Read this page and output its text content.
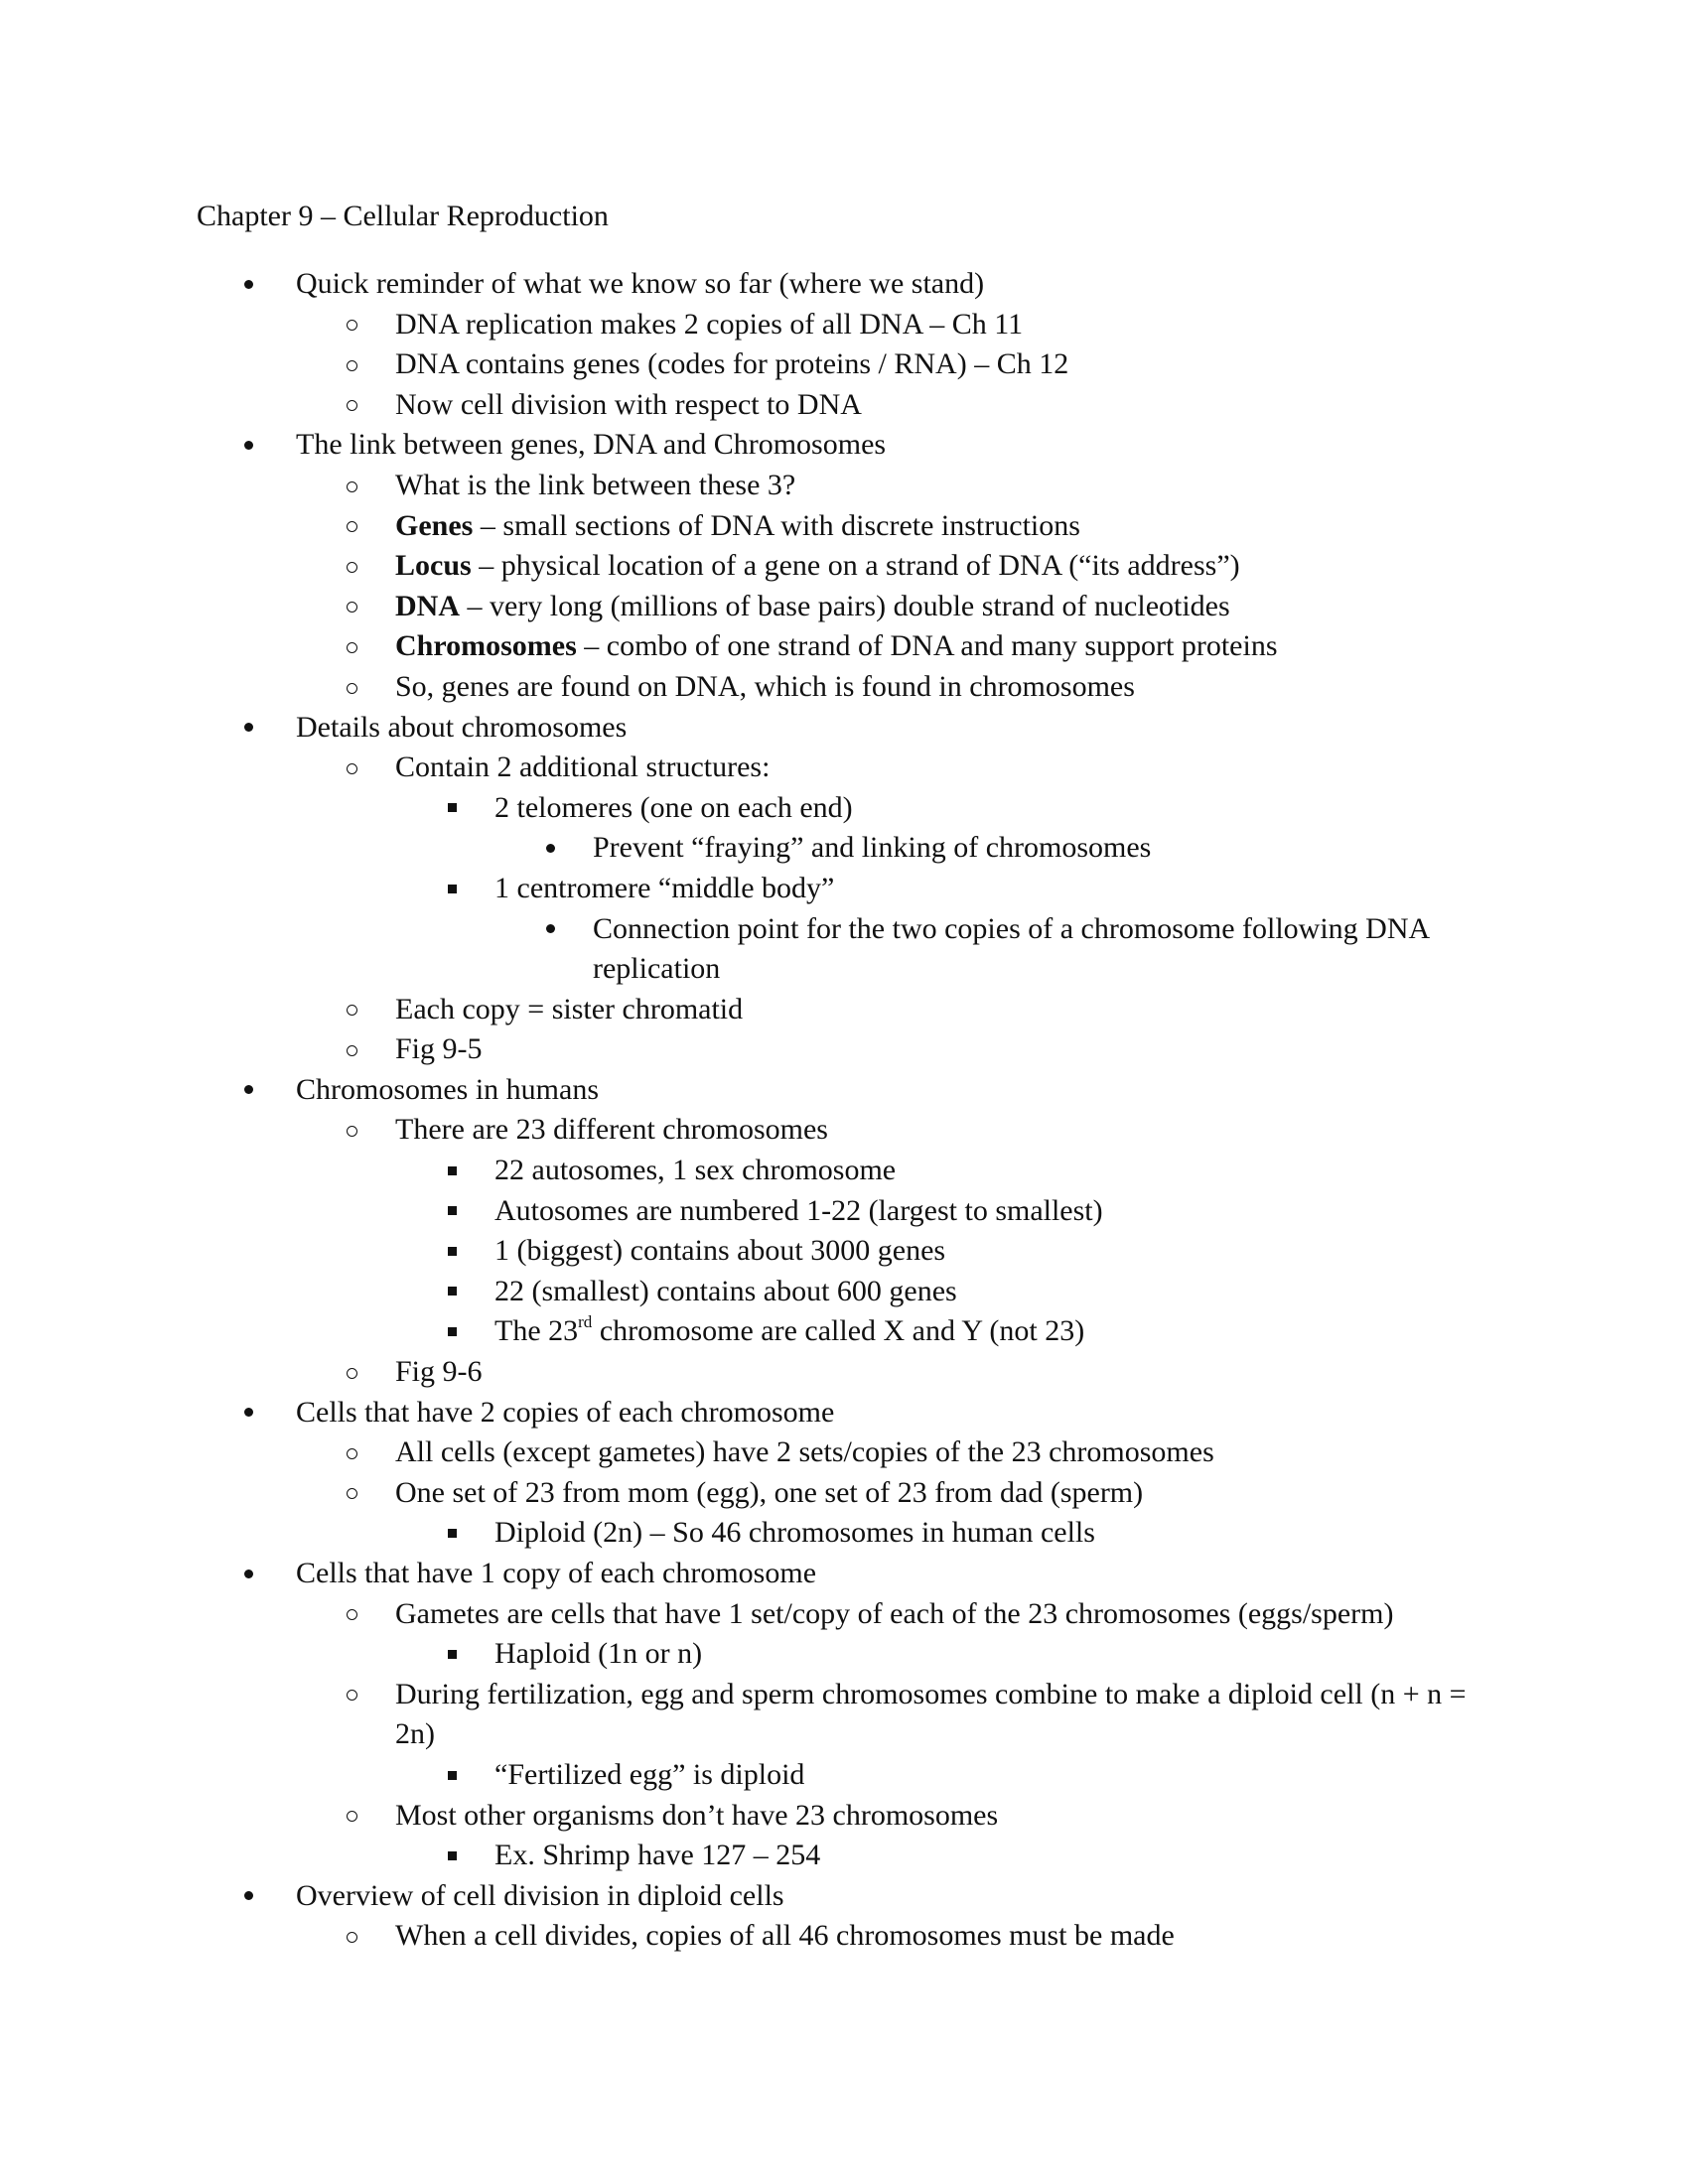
Chapter 9 – Cellular Reproduction
Quick reminder of what we know so far (where we stand)
DNA replication makes 2 copies of all DNA – Ch 11
DNA contains genes (codes for proteins / RNA) – Ch 12
Now cell division with respect to DNA
The link between genes, DNA and Chromosomes
What is the link between these 3?
Genes – small sections of DNA with discrete instructions
Locus – physical location of a gene on a strand of DNA (“its address”)
DNA – very long (millions of base pairs) double strand of nucleotides
Chromosomes – combo of one strand of DNA and many support proteins
So, genes are found on DNA, which is found in chromosomes
Details about chromosomes
Contain 2 additional structures:
2 telomeres (one on each end)
Prevent “fraying” and linking of chromosomes
1 centromere “middle body”
Connection point for the two copies of a chromosome following DNA replication
Each copy = sister chromatid
Fig 9-5
Chromosomes in humans
There are 23 different chromosomes
22 autosomes, 1 sex chromosome
Autosomes are numbered 1-22 (largest to smallest)
1 (biggest) contains about 3000 genes
22 (smallest) contains about 600 genes
The 23rd chromosome are called X and Y (not 23)
Fig 9-6
Cells that have 2 copies of each chromosome
All cells (except gametes) have 2 sets/copies of the 23 chromosomes
One set of 23 from mom (egg), one set of 23 from dad (sperm)
Diploid (2n) – So 46 chromosomes in human cells
Cells that have 1 copy of each chromosome
Gametes are cells that have 1 set/copy of each of the 23 chromosomes (eggs/sperm)
Haploid (1n or n)
During fertilization, egg and sperm chromosomes combine to make a diploid cell (n + n = 2n)
“Fertilized egg” is diploid
Most other organisms don’t have 23 chromosomes
Ex. Shrimp have 127 – 254
Overview of cell division in diploid cells
When a cell divides, copies of all 46 chromosomes must be made
